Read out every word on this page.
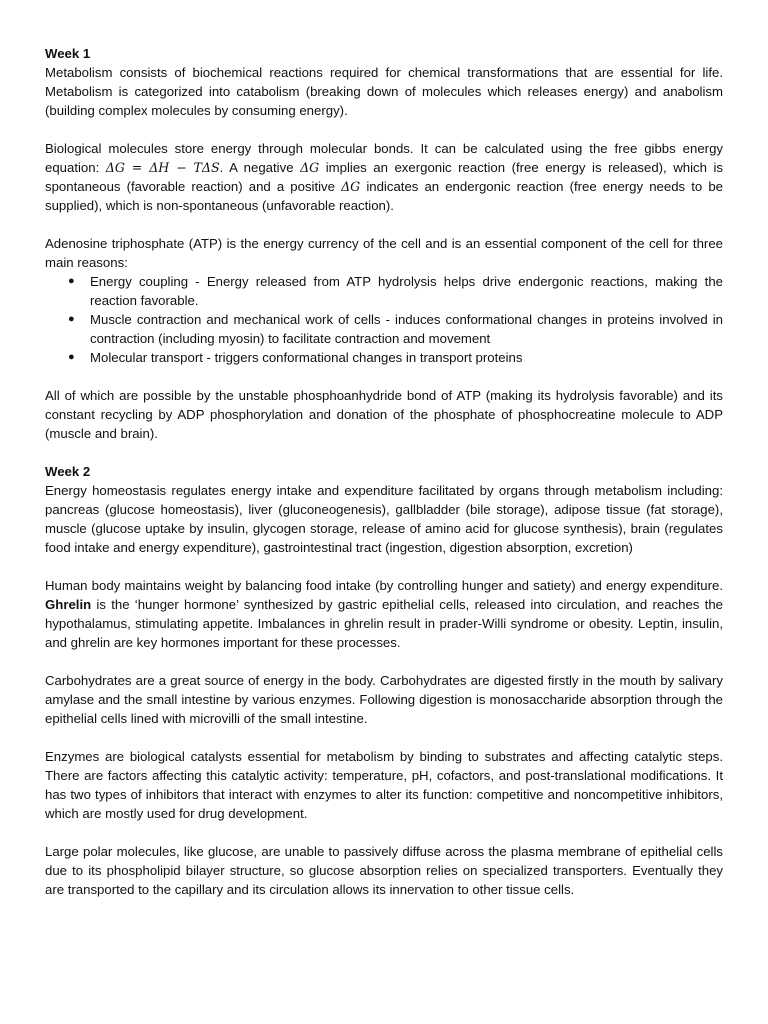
Week 1

Metabolism consists of biochemical reactions required for chemical transformations that are essential for life. Metabolism is categorized into catabolism (breaking down of molecules which releases energy) and anabolism (building complex molecules by consuming energy).

Biological molecules store energy through molecular bonds. It can be calculated using the free gibbs energy equation: ΔG = ΔH − TΔS. A negative ΔG implies an exergonic reaction (free energy is released), which is spontaneous (favorable reaction) and a positive ΔG indicates an endergonic reaction (free energy needs to be supplied), which is non-spontaneous (unfavorable reaction).

Adenosine triphosphate (ATP) is the energy currency of the cell and is an essential component of the cell for three main reasons:

● Energy coupling - Energy released from ATP hydrolysis helps drive endergonic reactions, making the reaction favorable.
● Muscle contraction and mechanical work of cells - induces conformational changes in proteins involved in contraction (including myosin) to facilitate contraction and movement
● Molecular transport - triggers conformational changes in transport proteins

All of which are possible by the unstable phosphoanhydride bond of ATP (making its hydrolysis favorable) and its constant recycling by ADP phosphorylation and donation of the phosphate of phosphocreatine molecule to ADP (muscle and brain).

Week 2

Energy homeostasis regulates energy intake and expenditure facilitated by organs through metabolism including: pancreas (glucose homeostasis), liver (gluconeogenesis), gallbladder (bile storage), adipose tissue (fat storage), muscle (glucose uptake by insulin, glycogen storage, release of amino acid for glucose synthesis), brain (regulates food intake and energy expenditure), gastrointestinal tract (ingestion, digestion absorption, excretion)

Human body maintains weight by balancing food intake (by controlling hunger and satiety) and energy expenditure. Ghrelin is the ‘hunger hormone’ synthesized by gastric epithelial cells, released into circulation, and reaches the hypothalamus, stimulating appetite. Imbalances in ghrelin result in prader-Willi syndrome or obesity. Leptin, insulin, and ghrelin are key hormones important for these processes.

Carbohydrates are a great source of energy in the body. Carbohydrates are digested firstly in the mouth by salivary amylase and the small intestine by various enzymes. Following digestion is monosaccharide absorption through the epithelial cells lined with microvilli of the small intestine.

Enzymes are biological catalysts essential for metabolism by binding to substrates and affecting catalytic steps. There are factors affecting this catalytic activity: temperature, pH, cofactors, and post-translational modifications. It has two types of inhibitors that interact with enzymes to alter its function: competitive and noncompetitive inhibitors, which are mostly used for drug development.

Large polar molecules, like glucose, are unable to passively diffuse across the plasma membrane of epithelial cells due to its phospholipid bilayer structure, so glucose absorption relies on specialized transporters. Eventually they are transported to the capillary and its circulation allows its innervation to other tissue cells.
